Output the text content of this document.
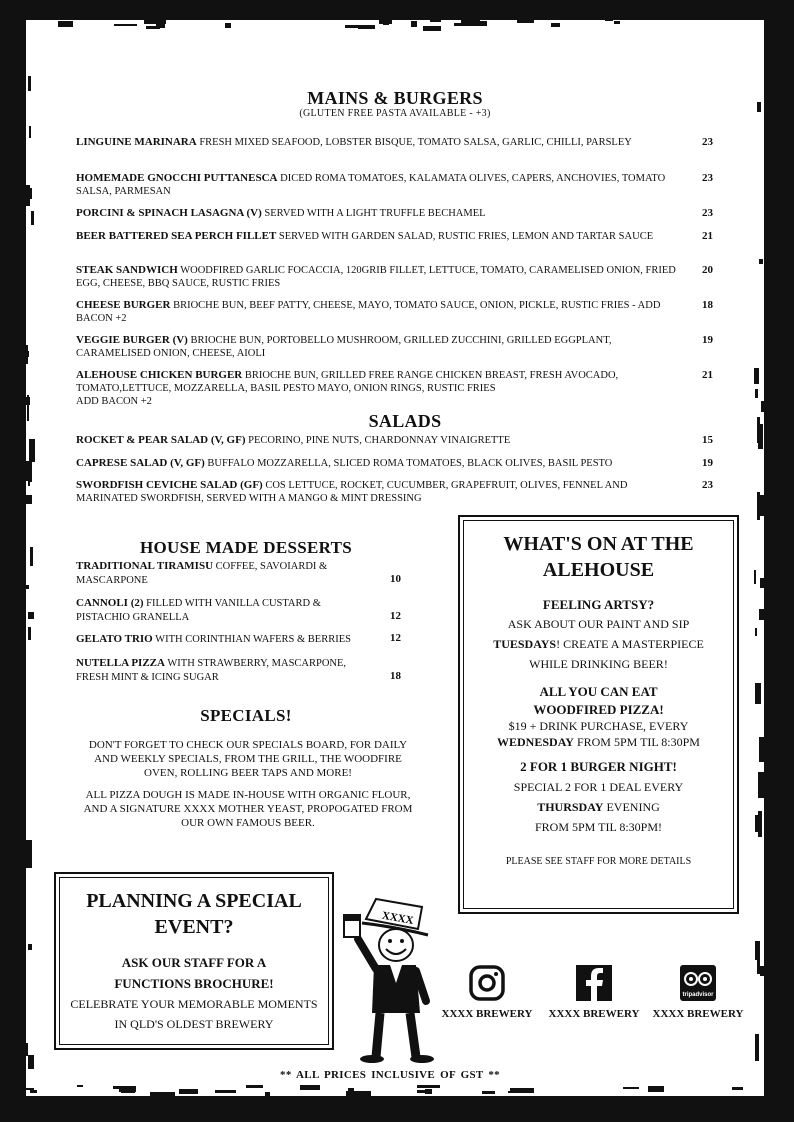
MAINS & BURGERS
(GLUTEN FREE PASTA AVAILABLE - +3)
LINGUINE MARINARA FRESH MIXED SEAFOOD, LOBSTER BISQUE, TOMATO SALSA, GARLIC, CHILLI, PARSLEY	23
HOMEMADE GNOCCHI PUTTANESCA DICED ROMA TOMATOES, KALAMATA OLIVES, CAPERS, ANCHOVIES, TOMATO SALSA, PARMESAN
23
PORCINI & SPINACH LASAGNA (V) SERVED WITH A LIGHT TRUFFLE BECHAMEL	23
BEER BATTERED SEA PERCH FILLET SERVED WITH GARDEN SALAD, RUSTIC FRIES, LEMON AND TARTAR SAUCE	21
STEAK SANDWICH WOODFIRED GARLIC FOCACCIA, 120GRIB FILLET, LETTUCE, TOMATO, CARAMELISED ONION, FRIED EGG, CHEESE, BBQ SAUCE, RUSTIC FRIES
20
CHEESE BURGER BRIOCHE BUN, BEEF PATTY, CHEESE, MAYO, TOMATO SAUCE, ONION, PICKLE, RUSTIC FRIES - ADD BACON +2
18
VEGGIE BURGER (V) BRIOCHE BUN, PORTOBELLO MUSHROOM, GRILLED ZUCCHINI, GRILLED EGGPLANT, CARAMELISED ONION, CHEESE, AIOLI
19
ALEHOUSE CHICKEN BURGER BRIOCHE BUN, GRILLED FREE RANGE CHICKEN BREAST, FRESH AVOCADO, TOMATO,LETTUCE, MOZZARELLA, BASIL PESTO MAYO, ONION RINGS, RUSTIC FRIES
ADD BACON +2
21
SALADS
ROCKET & PEAR SALAD (V, GF) PECORINO, PINE NUTS, CHARDONNAY VINAIGRETTE	15
CAPRESE SALAD (V, GF) BUFFALO MOZZARELLA, SLICED ROMA TOMATOES, BLACK OLIVES, BASIL PESTO	19
SWORDFISH CEVICHE SALAD (GF) COS LETTUCE, ROCKET, CUCUMBER, GRAPEFRUIT, OLIVES, FENNEL AND MARINATED SWORDFISH, SERVED WITH A MANGO & MINT DRESSING
23
HOUSE MADE DESSERTS
TRADITIONAL TIRAMISU COFFEE, SAVOIARDI & MASCARPONE	10
CANNOLI (2) FILLED WITH VANILLA CUSTARD & PISTACHIO GRANELLA	12
GELATO TRIO WITH CORINTHIAN WAFERS & BERRIES	12
NUTELLA PIZZA WITH STRAWBERRY, MASCARPONE, FRESH MINT & ICING SUGAR	18
SPECIALS!
DON'T FORGET TO CHECK OUR SPECIALS BOARD, FOR DAILY AND WEEKLY SPECIALS, FROM THE GRILL, THE WOODFIRE OVEN, ROLLING BEER TAPS AND MORE!
ALL PIZZA DOUGH IS MADE IN-HOUSE WITH ORGANIC FLOUR, AND A SIGNATURE XXXX MOTHER YEAST, PROPOGATED FROM OUR OWN FAMOUS BEER.
WHAT'S ON AT THE ALEHOUSE
FEELING ARTSY?
ASK ABOUT OUR PAINT AND SIP
TUESDAYS! CREATE A MASTERPIECE
WHILE DRINKING BEER!
ALL YOU CAN EAT WOODFIRED PIZZA!
$19 + DRINK PURCHASE, EVERY
WEDNESDAY FROM 5PM TIL 8:30PM
2 FOR 1 BURGER NIGHT!
SPECIAL 2 FOR 1 DEAL EVERY
THURSDAY EVENING
FROM 5PM TIL 8:30PM!
PLEASE SEE STAFF FOR MORE DETAILS
PLANNING A SPECIAL EVENT?
ASK OUR STAFF FOR A FUNCTIONS BROCHURE!
CELEBRATE YOUR MEMORABLE MOMENTS IN QLD'S OLDEST BREWERY
XXXX
XXXX BREWERY	XXXX BREWERY
tripadvisor
XXXX BREWERY
** ALL PRICES INCLUSIVE OF GST **
